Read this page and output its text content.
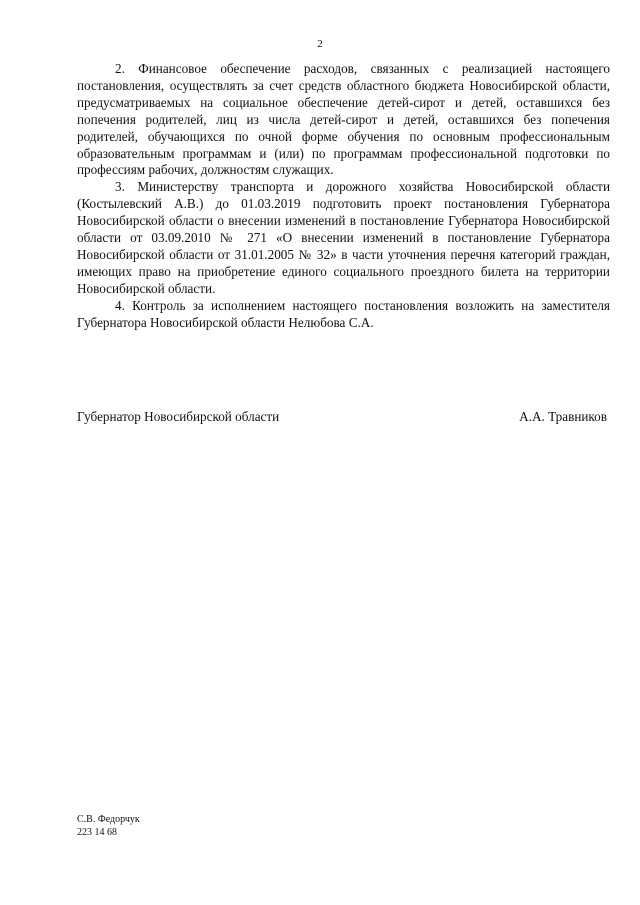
2

2. Финансовое обеспечение расходов, связанных с реализацией настоящего постановления, осуществлять за счет средств областного бюджета Новосибирской области, предусматриваемых на социальное обеспечение детей-сирот и детей, оставшихся без попечения родителей, лиц из числа детей-сирот и детей, оставшихся без попечения родителей, обучающихся по очной форме обучения по основным профессиональным образовательным программам и (или) по программам профессиональной подготовки по профессиям рабочих, должностям служащих.

3. Министерству транспорта и дорожного хозяйства Новосибирской области (Костылевский А.В.) до 01.03.2019 подготовить проект постановления Губернатора Новосибирской области о внесении изменений в постановление Губернатора Новосибирской области от 03.09.2010 № 271 «О внесении изменений в постановление Губернатора Новосибирской области от 31.01.2005 № 32» в части уточнения перечня категорий граждан, имеющих право на приобретение единого социального проездного билета на территории Новосибирской области.

4. Контроль за исполнением настоящего постановления возложить на заместителя Губернатора Новосибирской области Нелюбова С.А.

Губернатор Новосибирской области	А.А. Травников
С.В. Федорчук
223 14 68
